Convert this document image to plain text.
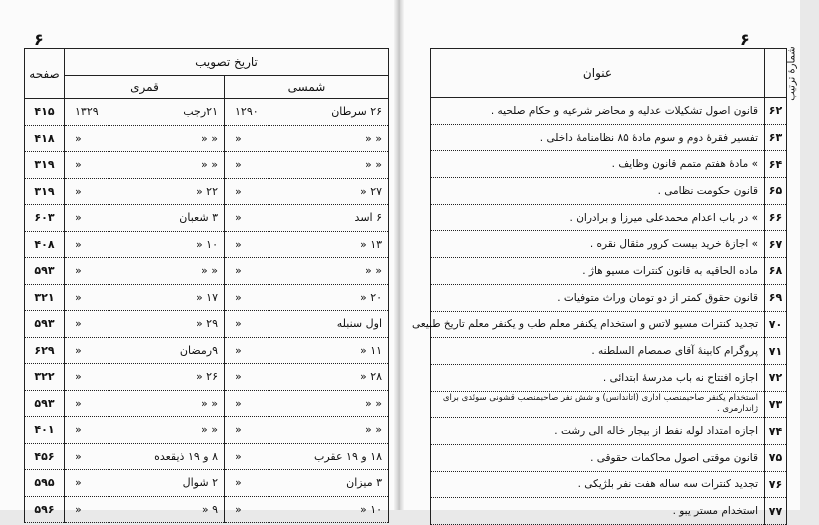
۶
صفحه	تاریخ تصویب			
	قمری		شمسی	
۴۱۵	۱۳۲۹	۲۱رجب	۱۲۹۰	۲۶ سرطان
۴۱۸	»	» »	»	» »
۳۱۹	»	» »	»	» »
۳۱۹	»	» ۲۲	»	» ۲۷
۶۰۳	»	۳ شعبان	»	۶ اسد
۴۰۸	»	» ۱۰	»	» ۱۳
۵۹۳	»	» »	»	» »
۳۲۱	»	» ۱۷	»	» ۲۰
۵۹۳	»	» ۲۹	»	اول سنبله
۶۲۹	»	۹رمضان	»	» ۱۱
۳۲۲	»	» ۲۶	»	» ۲۸
۵۹۳	»	» »	»	» »
۴۰۱	»	» »	»	» »
۴۵۶	»	۸ و ۱۹ ذیقعده	»	۱۸ و ۱۹ عقرب
۵۹۵	»	۲ شوال	»	۳ میزان
۵۹۶	»	» ۹	»	» ۱۰
۶
عنوان	شمارهٔ ترتیب
قانون اصول تشکیلات عدلیه و محاضر شرعیه و حکام صلحیه .	۶۲
تفسیر فقرهٔ دوم و سوم مادهٔ ۸۵ نظامنامهٔ داخلی .	۶۳
» مادهٔ هفتم متمم قانون وظایف .	۶۴
قانون حکومت نظامی .	۶۵
» در باب اعدام محمدعلی میرزا و برادران .	۶۶
» اجازهٔ خرید بیست کرور مثقال نقره .	۶۷
ماده الحاقیه به قانون کنترات مسیو هاژ .	۶۸
قانون حقوق کمتر از دو تومان وراث متوفیات .	۶۹
تجدید کنترات مسیو لاتس و استخدام یکنفر معلم طب و یکنفر معلم تاریخ طبیعی	۷۰
پروگرام کابینهٔ آقای صمصام السلطنه .	۷۱
اجازه افتتاح نه باب مدرسهٔ ابتدائی .	۷۲
استخدام یکنفر صاحبمنصب اداری (اتاندانس) و شش نفر صاحبمنصب قشونی سوئدی برای ژاندارمری .	۷۳
اجازه امتداد لوله نفط از بیجار خاله الی رشت .	۷۴
قانون موقتی اصول محاکمات حقوقی .	۷۵
تجدید کنترات سه ساله هفت نفر بلژیکی .	۷۶
استخدام مستر یبو .	۷۷
